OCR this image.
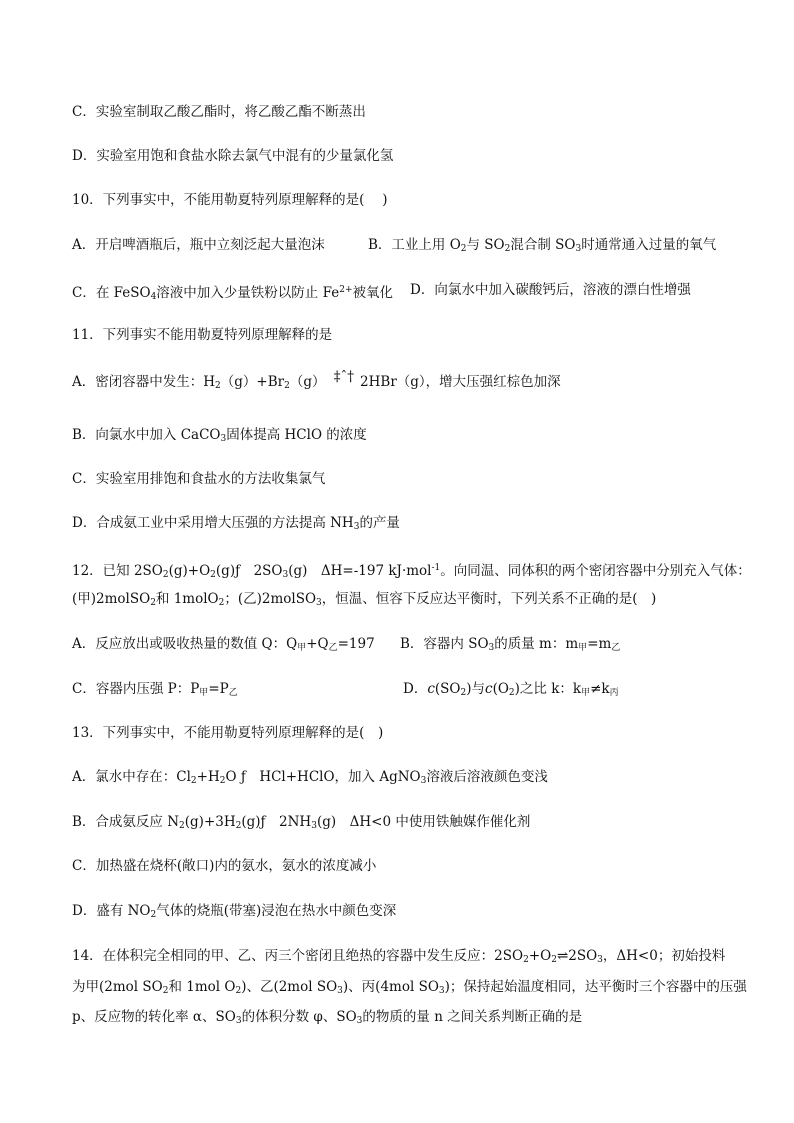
C．实验室制取乙酸乙酯时，将乙酸乙酯不断蒸出
D．实验室用饱和食盐水除去氯气中混有的少量氯化氢
10．下列事实中，不能用勒夏特列原理解释的是(　 )
A．开启啤酒瓶后，瓶中立刻泛起大量泡沫	B．工业上用 $O_2$与 $SO_2$混合制 $SO_3$时通常通入过量的氧气
C．在 FeSO$_4$溶液中加入少量铁粉以防止 $Fe^{2+}$被氧化 D．向氯水中加入碳酸钙后，溶液的漂白性增强
11．下列事实不能用勒夏特列原理解释的是
A．密闭容器中发生：$H_2(g)+Br_2(g)$ ‡ˆ† 2HBr（g），增大压强红棕色加深
B．向氯水中加入 CaCO$_3$固体提高 HClO 的浓度
C．实验室用排饱和食盐水的方法收集氯气
D．合成氨工业中采用增大压强的方法提高 $NH_3$的产量
12．已知 $2SO_2(g)+O_2(g)ƒ$　$2SO_3(g)$　ΔH=-197 kJ·mol$^{-1}$。向同温、同体积的两个密闭容器中分别充入气体：
(甲)2molSO$_2$和 1molO$_2$；(乙)2molSO$_3$，恒温、恒容下反应达平衡时，下列关系不正确的是(　)
A．反应放出或吸收热量的数值 Q：$Q_甲+Q_乙=197$ B．容器内 $SO_3$的质量 m：$m_甲=m_乙$
C．容器内压强 P：$P_甲=P_乙$	D．$c(SO_2)$与$c(O_2)$之比 k：$k_甲\ne k_丙$
13．下列事实中，不能用勒夏特列原理解释的是(　)
A．氯水中存在：$Cl_2+H_2O$ ƒ　HCl+HClO，加入 AgNO$_3$溶液后溶液颜色变浅
B．合成氨反应 $N_2(g)+3H_2(g)ƒ$　$2NH_3(g)$　ΔH<0 中使用铁触媒作催化剂
C．加热盛在烧杯(敞口)内的氨水，氨水的浓度减小
D．盛有 $NO_2$气体的烧瓶(带塞)浸泡在热水中颜色变深
14．在体积完全相同的甲、乙、丙三个密闭且绝热的容器中发生反应：$2SO_2+O_2\rightleftharpoons 2SO_3$，ΔH<0；初始投料
为甲(2mol $SO_2$和 1mol $O_2$)、乙(2mol $SO_3$)、丙(4mol $SO_3$)；保持起始温度相同，达平衡时三个容器中的压强
p、反应物的转化率 α、$SO_3$的体积分数 φ、$SO_3$的物质的量 n 之间关系判断正确的是
